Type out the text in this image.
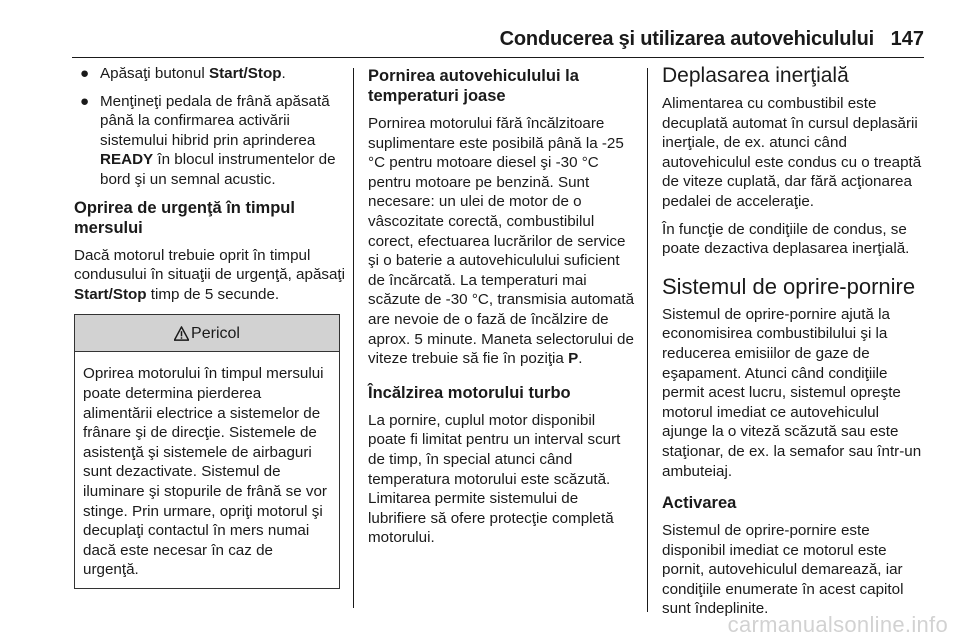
Conducerea şi utilizarea autovehiculului 147
● Apăsaţi butonul Start/Stop.
● Menţineţi pedala de frână apăsată până la confirmarea activării sistemului hibrid prin aprinderea READY în blocul instrumentelor de bord şi un semnal acustic.
Oprirea de urgenţă în timpul mersului

Dacă motorul trebuie oprit în timpul condusului în situaţii de urgenţă, apăsaţi Start/Stop timp de 5 secunde.

Pericol
Oprirea motorului în timpul mersului poate determina pierderea alimentării electrice a sistemelor de frânare şi de direcţie. Sistemele de asistenţă şi sistemele de airbaguri sunt dezactivate. Sistemul de iluminare şi stopurile de frână se vor stinge. Prin urmare, opriţi motorul şi decuplaţi contactul în mers numai dacă este necesar în caz de urgenţă.
Pornirea autovehiculului la temperaturi joase

Pornirea motorului fără încălzitoare suplimentare este posibilă până la -25 °C pentru motoare diesel şi -30 °C pentru motoare pe benzină. Sunt necesare: un ulei de motor de o vâscozitate corectă, combustibilul corect, efectuarea lucrărilor de service şi o baterie a autovehiculului suficient de încărcată. La temperaturi mai scăzute de -30 °C, transmisia automată are nevoie de o fază de încălzire de aprox. 5 minute. Maneta selectorului de viteze trebuie să fie în poziţia P.

Încălzirea motorului turbo

La pornire, cuplul motor disponibil poate fi limitat pentru un interval scurt de timp, în special atunci când temperatura motorului este scăzută. Limitarea permite sistemului de lubrifiere să ofere protecţie completă motorului.

Deplasarea inerţială

Alimentarea cu combustibil este decuplată automat în cursul deplasării inerţiale, de ex. atunci când autovehiculul este condus cu o treaptă de viteze cuplată, dar fără acţionarea pedalei de acceleraţie.

În funcţie de condiţiile de condus, se poate dezactiva deplasarea inerţială.

Sistemul de oprire-pornire

Sistemul de oprire-pornire ajută la economisirea combustibilului şi la reducerea emisiilor de gaze de eşapament. Atunci când condiţiile permit acest lucru, sistemul opreşte motorul imediat ce autovehiculul ajunge la o viteză scăzută sau este staţionar, de ex. la semafor sau într-un ambuteiaj.

Activarea

Sistemul de oprire-pornire este disponibil imediat ce motorul este pornit, autovehiculul demarează, iar condiţiile enumerate în acest capitol sunt îndeplinite.

carmanualsonline.info
